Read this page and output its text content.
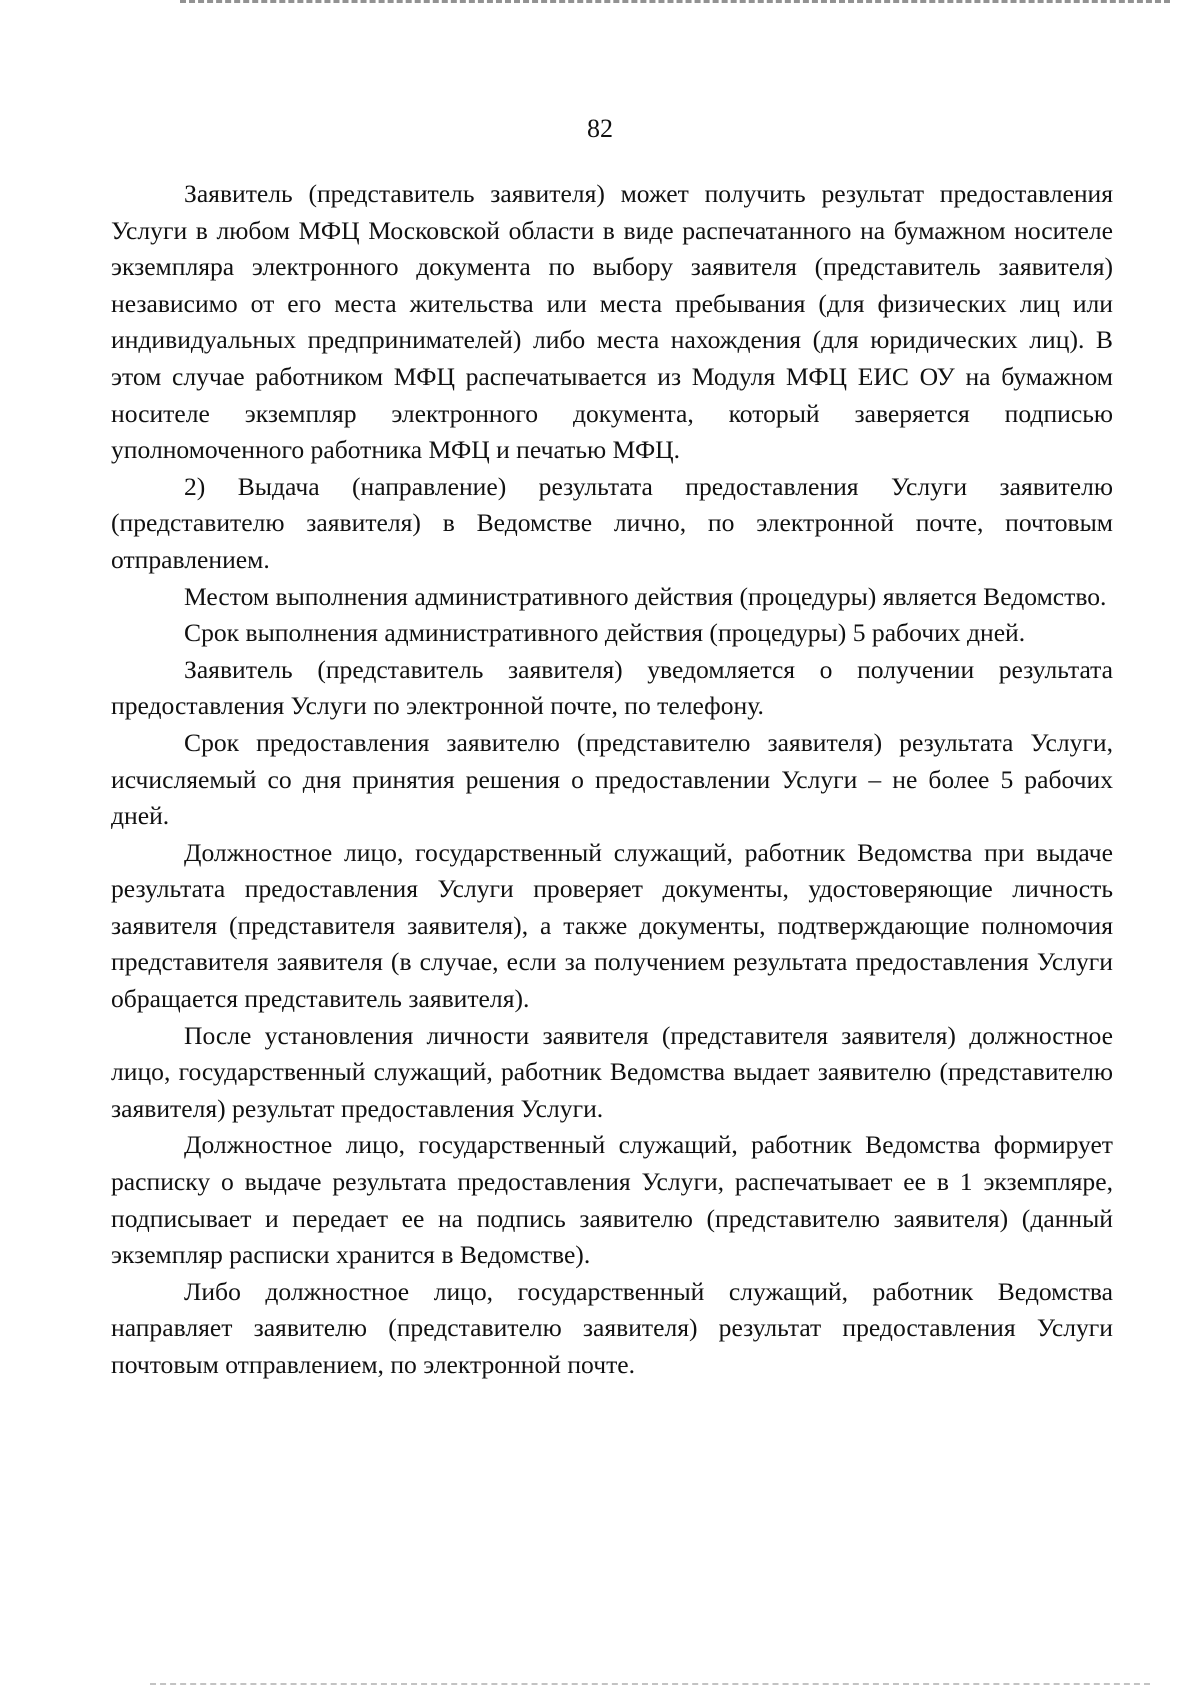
82

Заявитель (представитель заявителя) может получить результат предоставления Услуги в любом МФЦ Московской области в виде распечатанного на бумажном носителе экземпляра электронного документа по выбору заявителя (представитель заявителя) независимо от его места жительства или места пребывания (для физических лиц или индивидуальных предпринимателей) либо места нахождения (для юридических лиц). В этом случае работником МФЦ распечатывается из Модуля МФЦ ЕИС ОУ на бумажном носителе экземпляр электронного документа, который заверяется подписью уполномоченного работника МФЦ и печатью МФЦ.

2) Выдача (направление) результата предоставления Услуги заявителю (представителю заявителя) в Ведомстве лично, по электронной почте, почтовым отправлением.

Местом выполнения административного действия (процедуры) является Ведомство.

Срок выполнения административного действия (процедуры) 5 рабочих дней.

Заявитель (представитель заявителя) уведомляется о получении результата предоставления Услуги по электронной почте, по телефону.

Срок предоставления заявителю (представителю заявителя) результата Услуги, исчисляемый со дня принятия решения о предоставлении Услуги – не более 5 рабочих дней.

Должностное лицо, государственный служащий, работник Ведомства при выдаче результата предоставления Услуги проверяет документы, удостоверяющие личность заявителя (представителя заявителя), а также документы, подтверждающие полномочия представителя заявителя (в случае, если за получением результата предоставления Услуги обращается представитель заявителя).

После установления личности заявителя (представителя заявителя) должностное лицо, государственный служащий, работник Ведомства выдает заявителю (представителю заявителя) результат предоставления Услуги.

Должностное лицо, государственный служащий, работник Ведомства формирует расписку о выдаче результата предоставления Услуги, распечатывает ее в 1 экземпляре, подписывает и передает ее на подпись заявителю (представителю заявителя) (данный экземпляр расписки хранится в Ведомстве).

Либо должностное лицо, государственный служащий, работник Ведомства направляет заявителю (представителю заявителя) результат предоставления Услуги почтовым отправлением, по электронной почте.
